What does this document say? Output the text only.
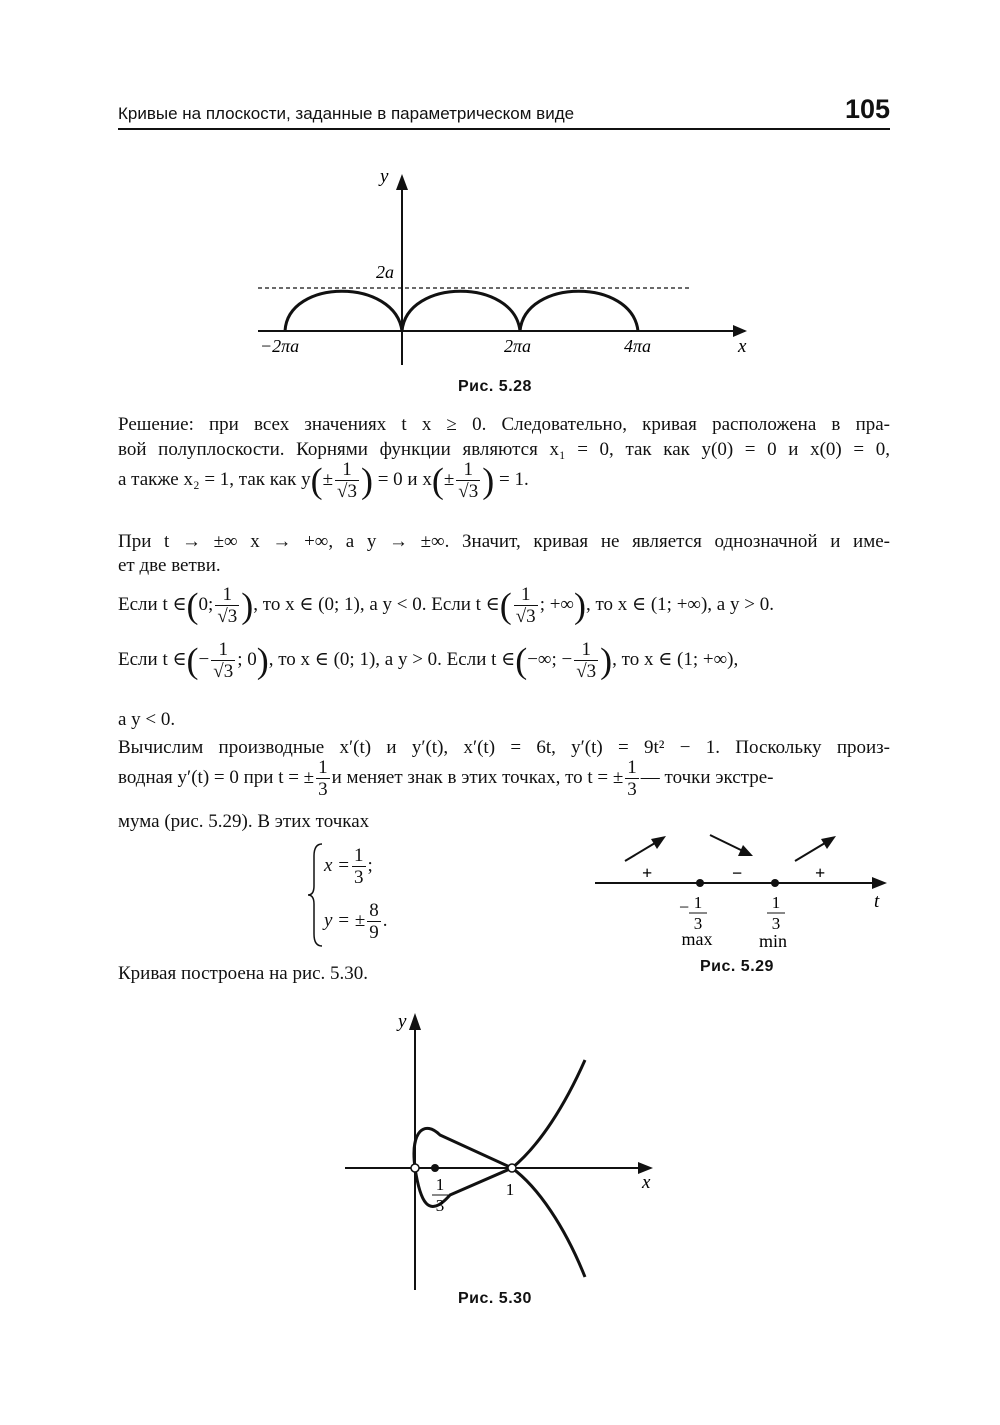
Кривые на плоскости, заданные в параметрическом виде	105
y
2a
−2πa	2πa	4πa	x
Рис. 5.28
Решение: при всех значениях t x ≥ 0. Следовательно, кривая расположена в пра-
вой полуплоскости. Корнями функции являются x₁ = 0, так как y(0) = 0 и x(0) = 0,
а также x₂ = 1, так как $y(\pm \frac{1}{√3}$ ) = 0 и $x(\pm \frac{1}{√3}$ ) = 1.
При t → ±∞ x → +∞, а y → ±∞. Значит, кривая не является однозначной и име-
ет две ветви.
Если t ∈(0; $\frac{1}{√3}$ ), то x ∈ (0; 1), а y < 0. Если t ∈( $\frac{1}{√3}$ ; +∞), то x ∈ (1; +∞), а y > 0.
Если t ∈(− $\frac{1}{√3}$ ; 0), то x ∈ (0; 1), а y > 0. Если t ∈(−∞; − $\frac{1}{√3}$ ), то x ∈ (1; +∞),
а y < 0.
Вычислим производные x′(t) и y′(t), x′(t) = 6t, y′(t) = 9t² − 1. Поскольку произ-
водная y′(t) = 0 при t = ± $\frac{1}{3}$ и меняет знак в этих точках, то t = ± $\frac{1}{3}$ — точки экстре-
мума (рис. 5.29). В этих точках
$x = \frac{1}{3}$ ;
y = ± $\frac{8}{9}$ .
Кривая построена на рис. 5.30.
+	−	+
t
− 1
3
1
3
max	min
Рис. 5.29
y
x
1
3
1
Рис. 5.30
